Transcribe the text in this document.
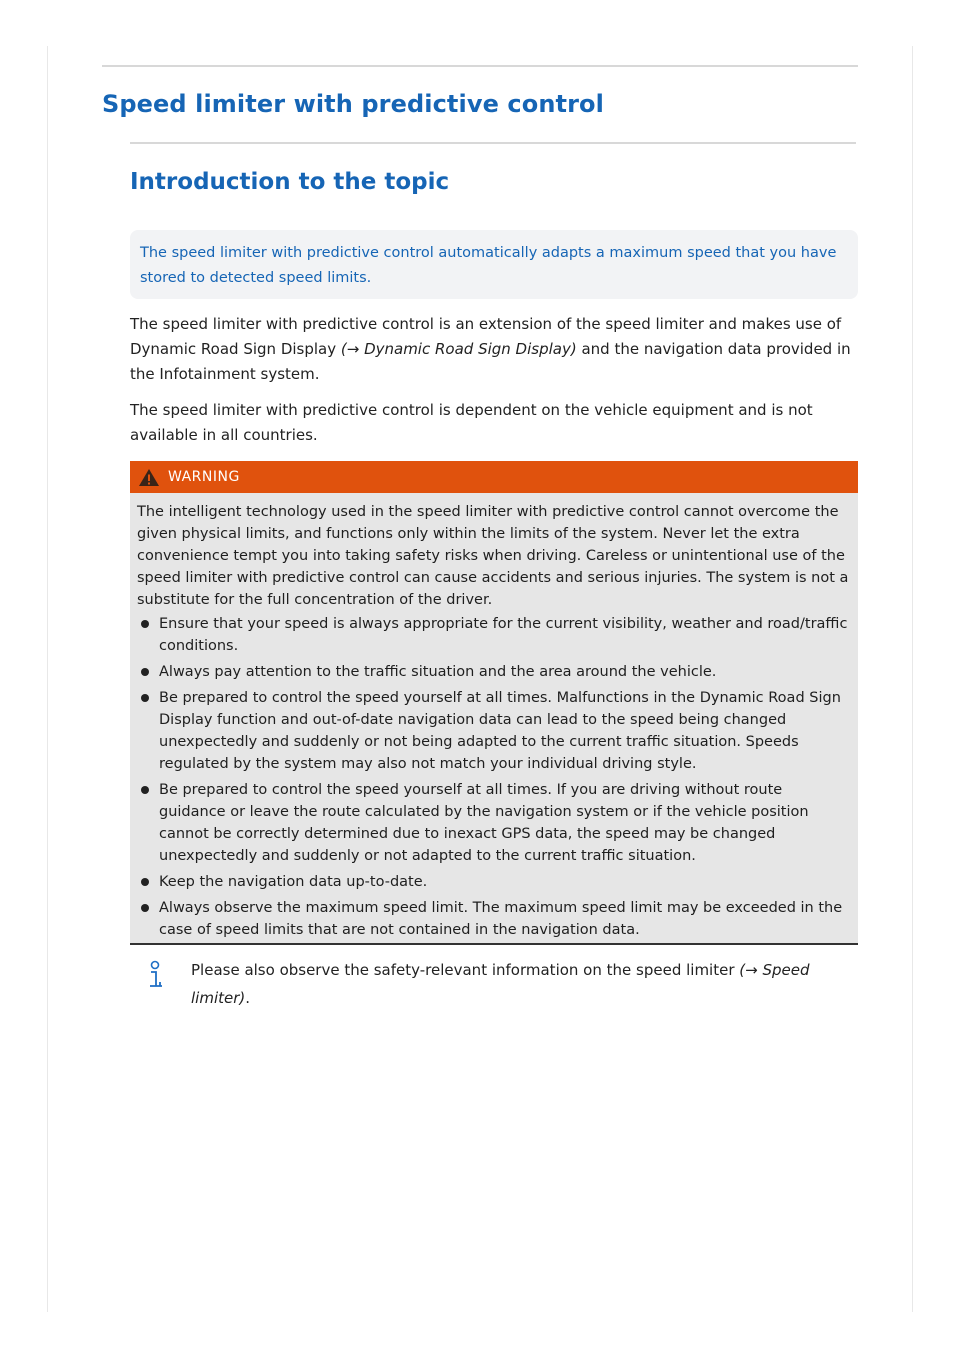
Speed limiter with predictive control
Introduction to the topic
The speed limiter with predictive control automatically adapts a maximum speed that you have stored to detected speed limits.

The speed limiter with predictive control is an extension of the speed limiter and makes use of Dynamic Road Sign Display (→ Dynamic Road Sign Display) and the navigation data provided in the Infotainment system.

The speed limiter with predictive control is dependent on the vehicle equipment and is not available in all countries.

WARNING

The intelligent technology used in the speed limiter with predictive control cannot overcome the given physical limits, and functions only within the limits of the system. Never let the extra convenience tempt you into taking safety risks when driving. Careless or unintentional use of the speed limiter with predictive control can cause accidents and serious injuries. The system is not a substitute for the full concentration of the driver.

Ensure that your speed is always appropriate for the current visibility, weather and road/traffic conditions.
Always pay attention to the traffic situation and the area around the vehicle.
Be prepared to control the speed yourself at all times. Malfunctions in the Dynamic Road Sign Display function and out-of-date navigation data can lead to the speed being changed unexpectedly and suddenly or not being adapted to the current traffic situation. Speeds regulated by the system may also not match your individual driving style.
Be prepared to control the speed yourself at all times. If you are driving without route guidance or leave the route calculated by the navigation system or if the vehicle position cannot be correctly determined due to inexact GPS data, the speed may be changed unexpectedly and suddenly or not adapted to the current traffic situation.
Keep the navigation data up-to-date.
Always observe the maximum speed limit. The maximum speed limit may be exceeded in the case of speed limits that are not contained in the navigation data.

Please also observe the safety-relevant information on the speed limiter (→ Speed limiter).
